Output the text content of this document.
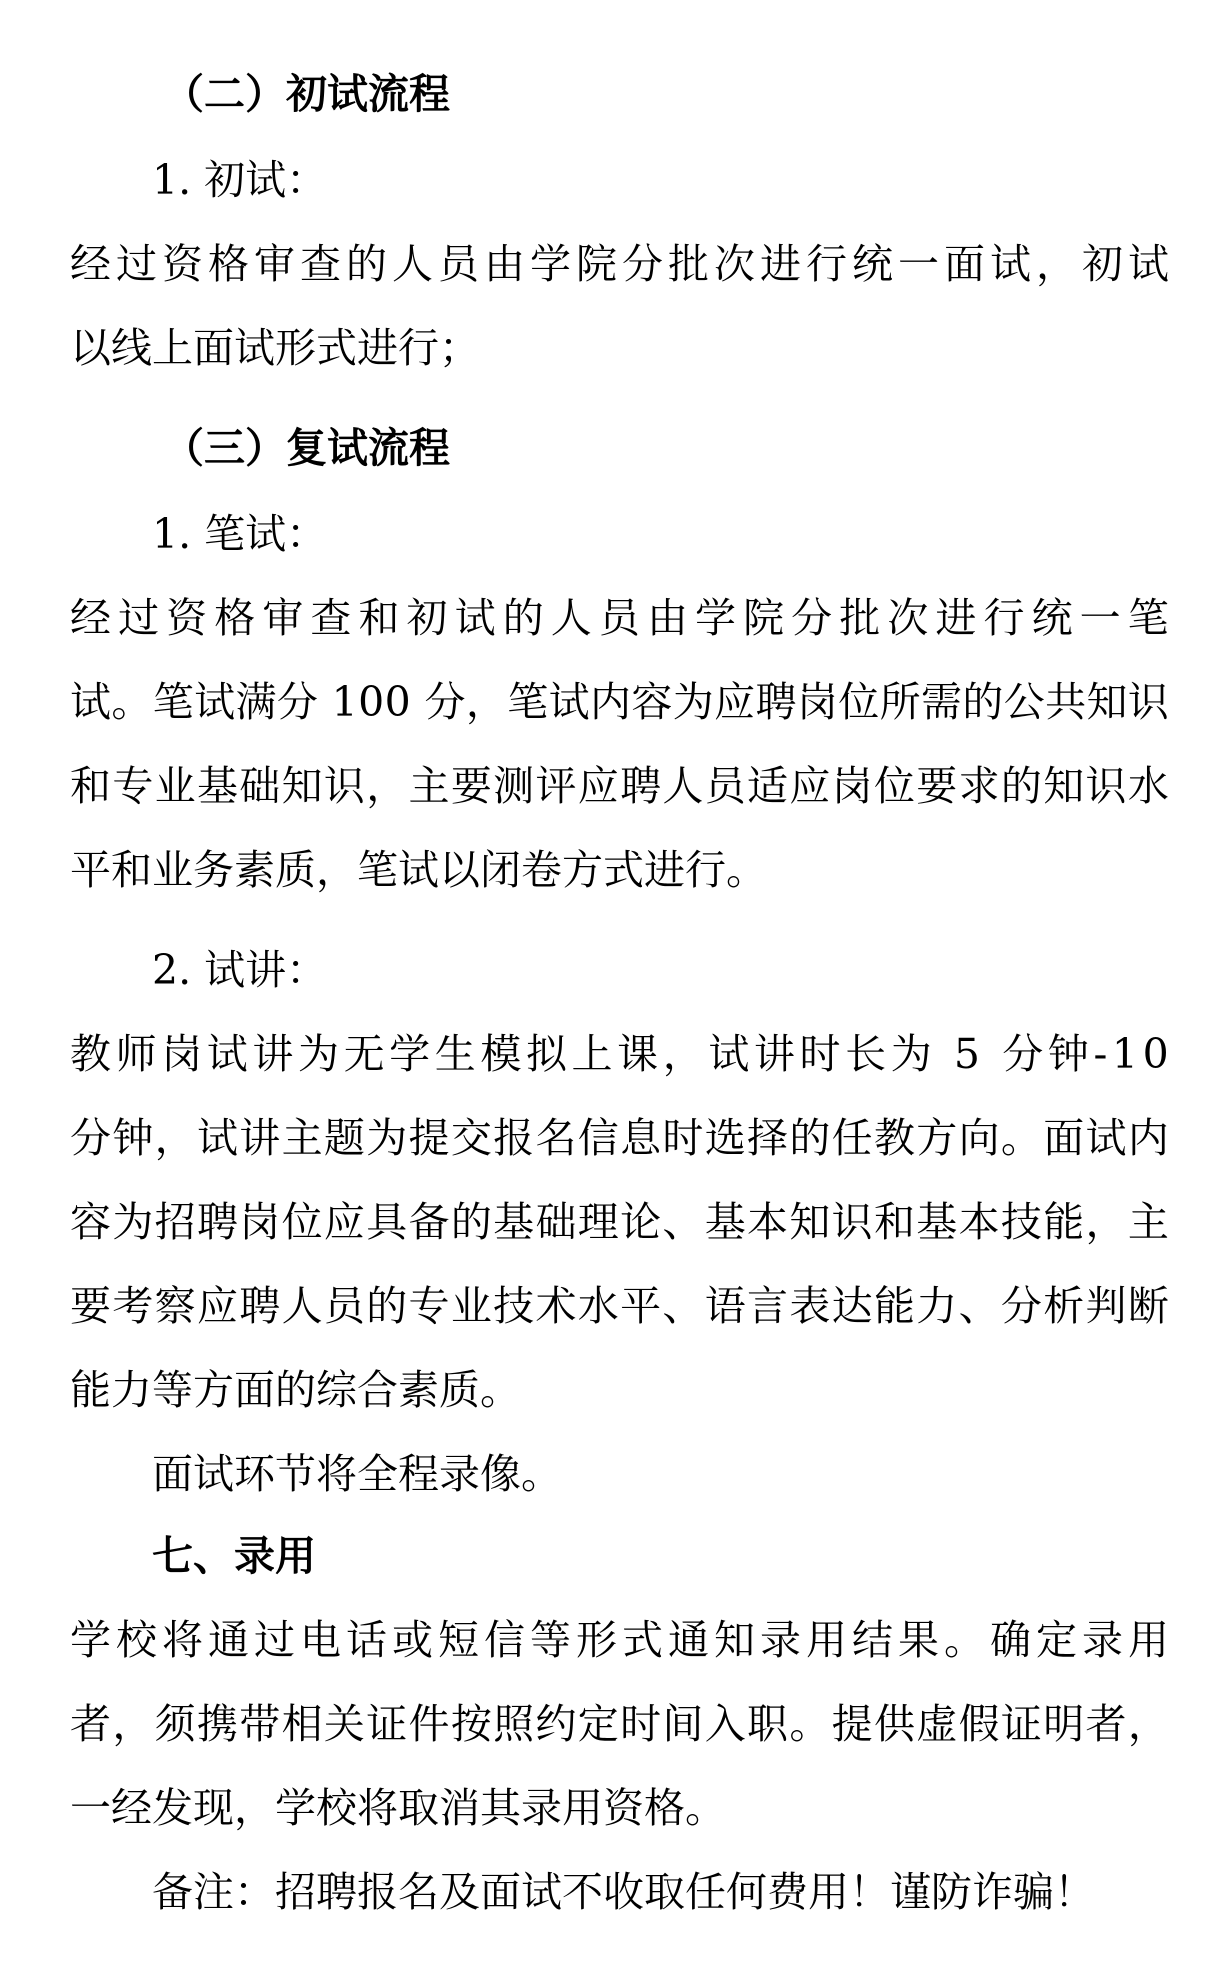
（二）初试流程
1. 初试：
经 过 资 格 审 查 的 人 员 由 学 院 分 批 次 进 行 统 一 面 试 ， 初 试
以线上面试形式进行；
（三）复试流程
1. 笔试：
经 过 资 格 审 查 和 初 试 的 人 员 由 学 院 分 批 次 进 行 统 一 笔
试 。 笔 试 满 分
1 0 0
分 ， 笔 试 内 容 为 应 聘 岗 位 所 需 的 公 共 知 识
和 专 业 基 础 知 识 ， 主 要 测 评 应 聘 人 员 适 应 岗 位 要 求 的 知 识 水
平和业务素质，笔试以闭卷方式进行。
2. 试讲：
教 师 岗 试 讲 为 无 学 生 模 拟 上 课 ， 试 讲 时 长 为
5
分 钟 - 1 0
分 钟 ， 试 讲 主 题 为 提 交 报 名 信 息 时 选 择 的 任 教 方 向 。 面 试 内
容 为 招 聘 岗 位 应 具 备 的 基 础 理 论 、 基 本 知 识 和 基 本 技 能 ， 主
要 考 察 应 聘 人 员 的 专 业 技 术 水 平 、 语 言 表 达 能 力 、 分 析 判 断
能力等方面的综合素质。
面试环节将全程录像。
七、录用
学 校 将 通 过 电 话 或 短 信 等 形 式 通 知 录 用 结 果 。 确 定 录 用
者 ， 须 携 带 相 关 证 件 按 照 约 定 时 间 入 职 。 提 供 虚 假 证 明 者 ，
一经发现，学校将取消其录用资格。
备注：招聘报名及面试不收取任何费用！谨防诈骗！
